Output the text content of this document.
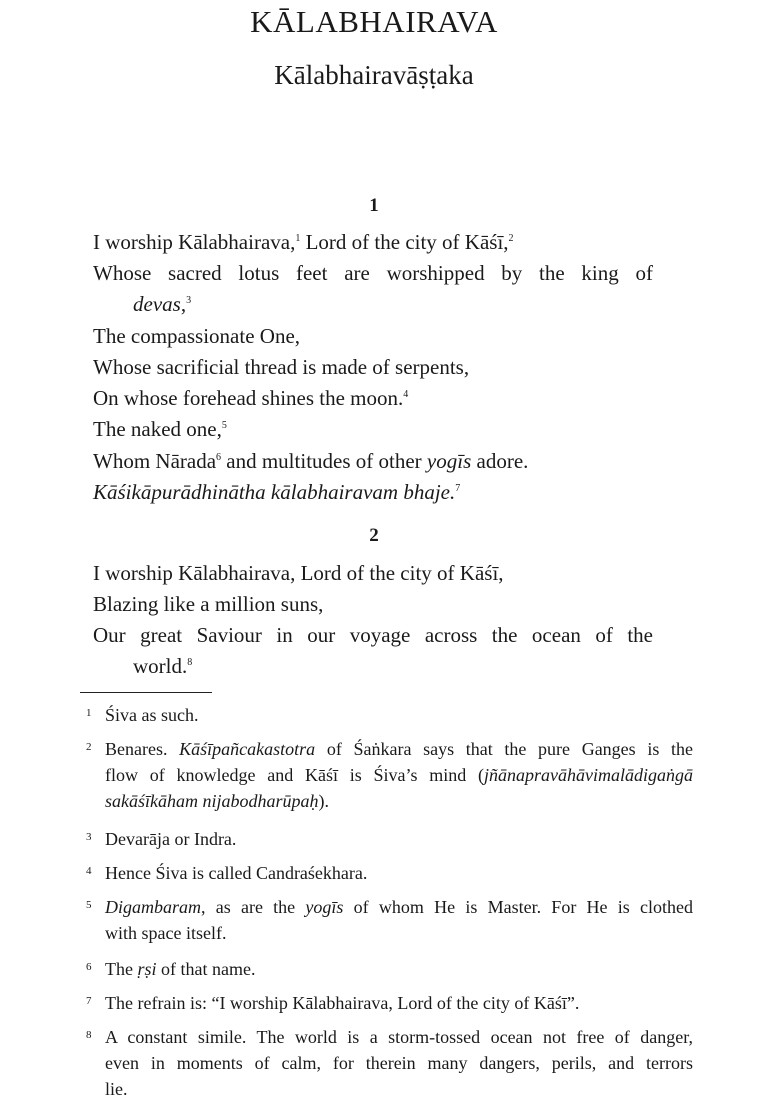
KĀLABHAIRAVA
Kālabhairavāṣṭaka
1
I worship Kālabhairava,$^1$ Lord of the city of Kāśī,$^2$
Whose sacred lotus feet are worshipped by the king of
devas,$^3$
The compassionate One,
Whose sacrificial thread is made of serpents,
On whose forehead shines the moon.$^4$
The naked one,$^5$
Whom Nārada$^6$ and multitudes of other yogīs adore.
Kāśikāpurādhinātha kālabhairavam bhaje.$^7$
2
I worship Kālabhairava, Lord of the city of Kāśī,
Blazing like a million suns,
Our great Saviour in our voyage across the ocean of the
world.$^8$
1 Śiva as such.
2 Benares. Kāśīpañcakastotra of Śaṅkara says that the pure Ganges is the
flow of knowledge and Kāśī is Śiva’s mind (jñānapravāhāvimalādigaṅgā
sakāśīkāham nijabodharūpaḥ).
3 Devarāja or Indra.
4 Hence Śiva is called Candraśekhara.
5 Digambaram, as are the yogīs of whom He is Master. For He is clothed
with space itself.
6 The ṛṣi of that name.
7 The refrain is: “I worship Kālabhairava, Lord of the city of Kāśī”.
8 A constant simile. The world is a storm-tossed ocean not free of danger,
even in moments of calm, for therein many dangers, perils, and terrors
lie.
